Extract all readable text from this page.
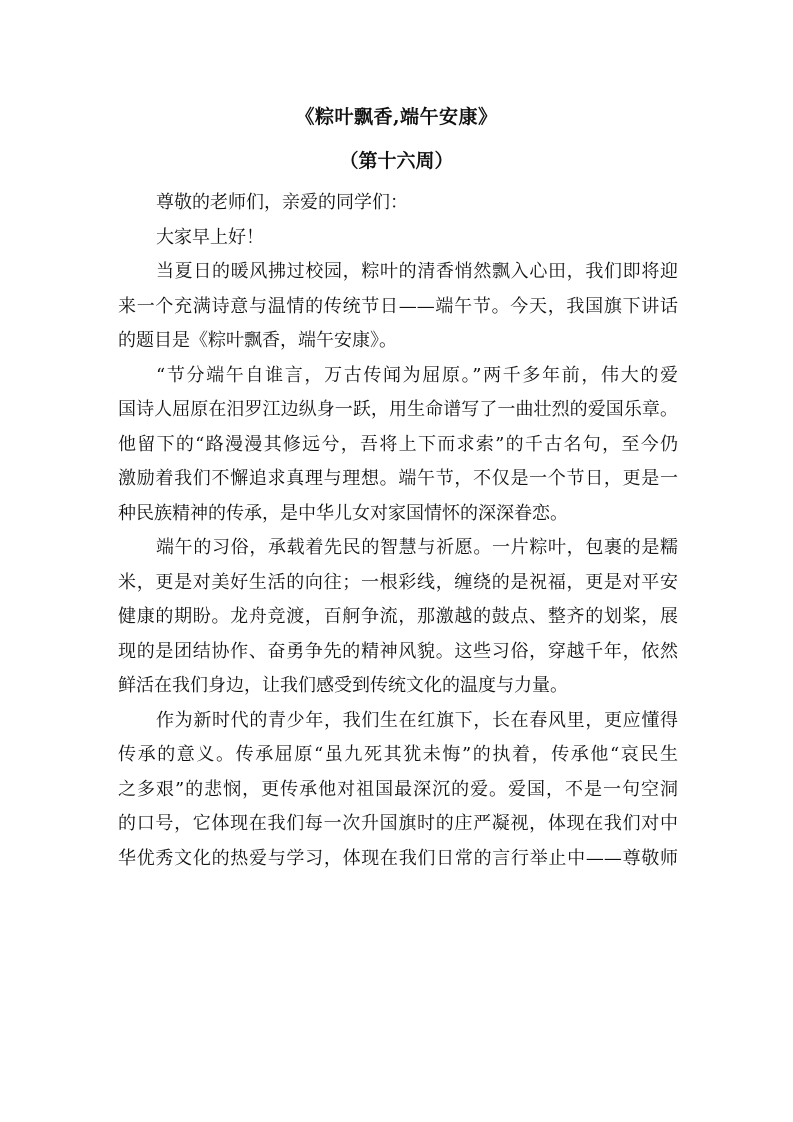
《粽叶飘香,端午安康》
（第十六周）
尊敬的老师们，亲爱的同学们：
大家早上好！
当夏日的暖风拂过校园，粽叶的清香悄然飘入心田，我们即将迎
来一个充满诗意与温情的传统节日——端午节。今天，我国旗下讲话
的题目是《粽叶飘香，端午安康》。
“节分端午自谁言，万古传闻为屈原。”两千多年前，伟大的爱
国诗人屈原在汨罗江边纵身一跃，用生命谱写了一曲壮烈的爱国乐章。
他留下的“路漫漫其修远兮，吾将上下而求索”的千古名句，至今仍
激励着我们不懈追求真理与理想。端午节，不仅是一个节日，更是一
种民族精神的传承，是中华儿女对家国情怀的深深眷恋。
端午的习俗，承载着先民的智慧与祈愿。一片粽叶，包裹的是糯
米，更是对美好生活的向往；一根彩线，缠绕的是祝福，更是对平安
健康的期盼。龙舟竞渡，百舸争流，那激越的鼓点、整齐的划桨，展
现的是团结协作、奋勇争先的精神风貌。这些习俗，穿越千年，依然
鲜活在我们身边，让我们感受到传统文化的温度与力量。
作为新时代的青少年，我们生在红旗下，长在春风里，更应懂得
传承的意义。传承屈原“虽九死其犹未悔”的执着，传承他“哀民生
之多艰”的悲悯，更传承他对祖国最深沉的爱。爱国，不是一句空洞
的口号，它体现在我们每一次升国旗时的庄严凝视，体现在我们对中
华优秀文化的热爱与学习，体现在我们日常的言行举止中——尊敬师
